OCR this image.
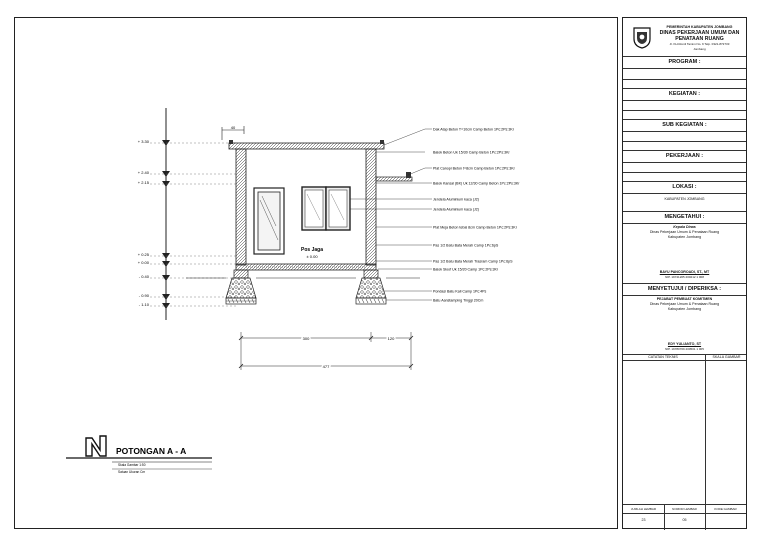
+ 3.30
+ 2.40
+ 2.15
+ 0.25
+ 0.00
- 0.40
- 0.90
- 1.10
40
Pos Jaga
± 0.00
300	120
477
Dak Atap Beton T=10cm Camp Beton 1Pc:2Ps:3Kr
Balok Beton Uk 15/30 Camp Beton 1Pc:2Ps:3Kr
Plat Canopi Beton t=8cm Camp Beton 1Pc:2Ps:3Kr
Balok Kansal (BK) Uk 12/30 Camp Beton 1Pc:2Ps:3Kr
Jendela Aluminium kaca (J2)
Jendela Aluminium kaca (J2)
Plat Meja Beton tebal 8cm Camp Beton 1Pc:2Ps:3Kr
Pas 1/2 Batu Bata Merah Camp 1Pc:6pS
Pas 1/2 Batu Bata Merah Trasram Camp 1Pc:6pS
Balok Sloof Uk 15/20 Camp 1Pc:2Ps:3Kr
Pondasi Batu Kali Camp 1Pc:4Ps
Batu Aanstamping Tinggi 20Cm
POTONGAN A - A
Skala Gambar 1:50
Satuan Ukuran Cm
PEMERINTAH KABUPATEN JOMBANG
DINAS PEKERJAAN UMUM DAN
PENATAAN RUANG
Jl. KH.Romli Tamim No. 9 Telp. 0321-872733
Jombang
PROGRAM :
KEGIATAN :
SUB KEGIATAN :
PEKERJAAN :
LOKASI :
KABUPATEN JOMBANG
MENGETAHUI :
Kepala Dinas
Dinas Pekerjaan Umum & Penataan Ruang
Kabupaten Jombang
BAYU PANCOROADI, ST., MT
NIP. 19741205 200212 1 008
MENYETUJUI / DIPERIKSA :
PEJABAT PEMBUAT KOMITMEN
Dinas Pekerjaan Umum & Penataan Ruang
Kabupaten Jombang
EDY YULIANTO, ST
NIP. 19780709 200501 1 005
CATATAN TEKNIS	SKALA GAMBAR
JUMLAH LEMBAR	NOMOR LEMBAR	KODE GAMBAR
23	05
